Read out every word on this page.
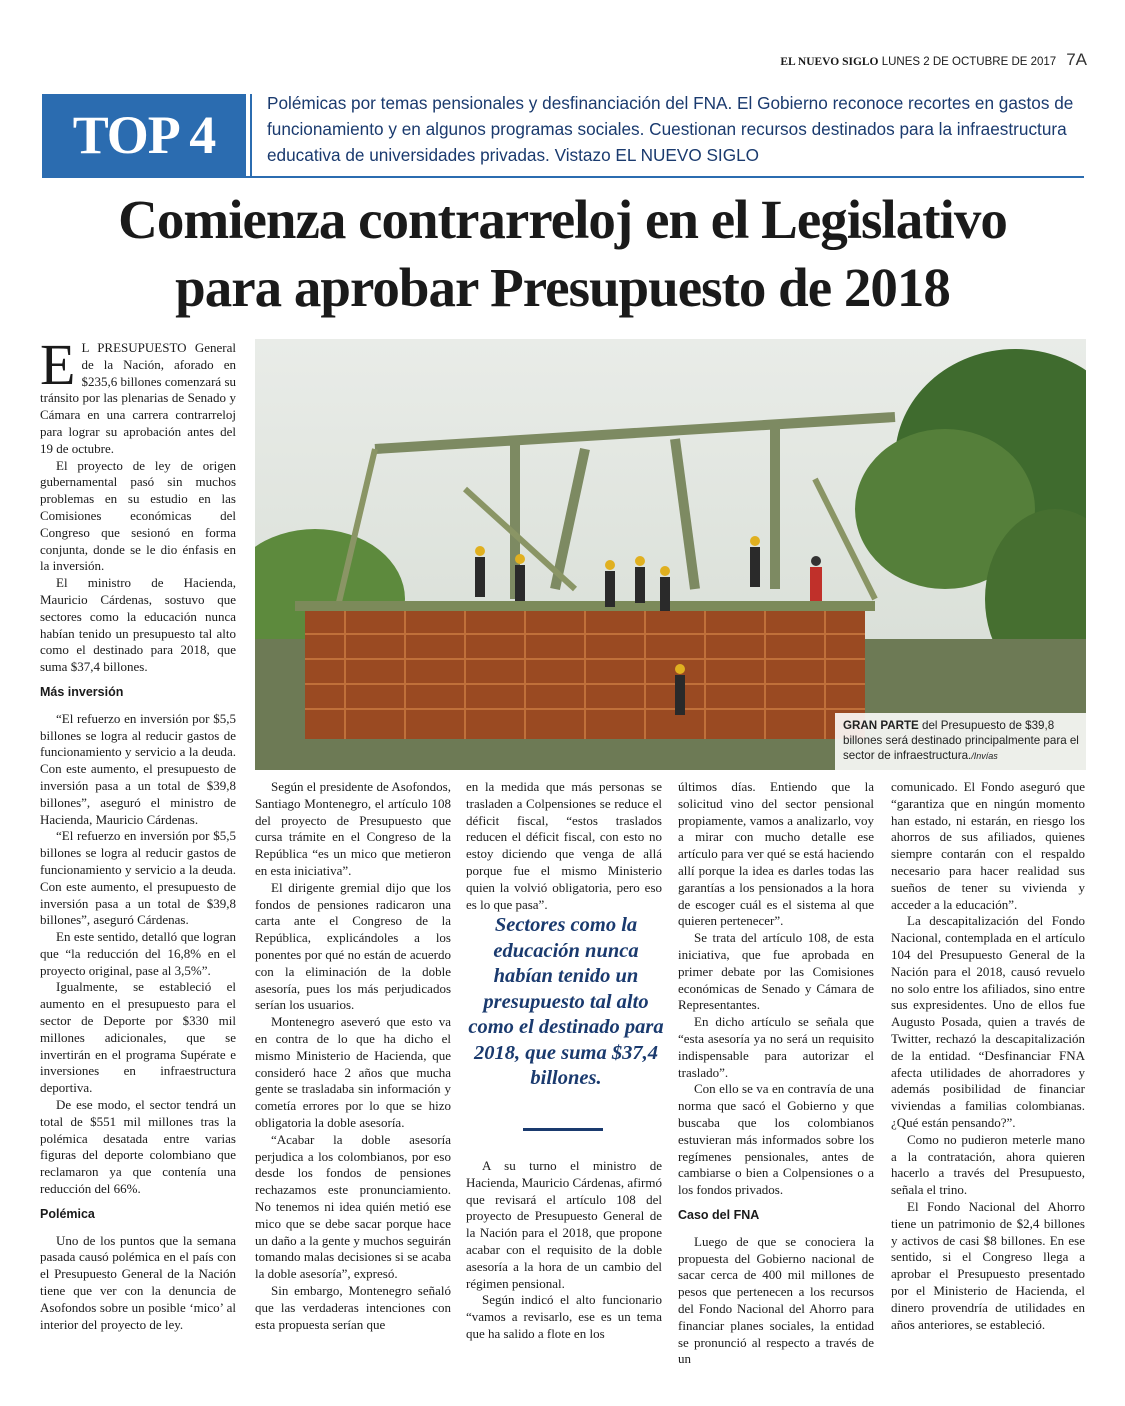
EL NUEVO SIGLO LUNES 2 DE OCTUBRE DE 2017 7A
TOP 4
Polémicas por temas pensionales y desfinanciación del FNA. El Gobierno reconoce recortes en gastos de funcionamiento y en algunos programas sociales. Cuestionan recursos destinados para la infraestructura educativa de universidades privadas. Vistazo EL NUEVO SIGLO
Comienza contrarreloj en el Legislativo
para aprobar Presupuesto de 2018

E L PRESUPUESTO General de la Nación, aforado en $235,6 billones comenzará su tránsito por las plenarias de Senado y Cámara en una carrera contrarreloj para lograr su aprobación antes del 19 de octubre.

El proyecto de ley de origen gubernamental pasó sin muchos problemas en su estudio en las Comisiones económicas del Congreso que sesionó en forma conjunta, donde se le dio énfasis en la inversión.

El ministro de Hacienda, Mauricio Cárdenas, sostuvo que sectores como la educación nunca habían tenido un presupuesto tal alto como el destinado para 2018, que suma $37,4 billones.

Más inversión

“El refuerzo en inversión por $5,5 billones se logra al reducir gastos de funcionamiento y servicio a la deuda. Con este aumento, el presupuesto de inversión pasa a un total de $39,8 billones”, aseguró el ministro de Hacienda, Mauricio Cárdenas.

“El refuerzo en inversión por $5,5 billones se logra al reducir gastos de funcionamiento y servicio a la deuda. Con este aumento, el presupuesto de inversión pasa a un total de $39,8 billones”, aseguró Cárdenas.

En este sentido, detalló que logran que “la reducción del 16,8% en el proyecto original, pase al 3,5%”.

Igualmente, se estableció el aumento en el presupuesto para el sector de Deporte por $330 mil millones adicionales, que se invertirán en el programa Supérate e inversiones en infraestructura deportiva.

De ese modo, el sector tendrá un total de $551 mil millones tras la polémica desatada entre varias figuras del deporte colombiano que reclamaron ya que contenía una reducción del 66%.

Polémica

Uno de los puntos que la semana pasada causó polémica en el país con el Presupuesto General de la Nación tiene que ver con la denuncia de Asofondos sobre un posible ‘mico’ al interior del proyecto de ley.

GRAN PARTE del Presupuesto de $39,8 billones será destinado principalmente para el sector de infraestructura./Invías

Según el presidente de Asofondos, Santiago Montenegro, el artículo 108 del proyecto de Presupuesto que cursa trámite en el Congreso de la República “es un mico que metieron en esta iniciativa”.

El dirigente gremial dijo que los fondos de pensiones radicaron una carta ante el Congreso de la República, explicándoles a los ponentes por qué no están de acuerdo con la eliminación de la doble asesoría, pues los más perjudicados serían los usuarios.

Montenegro aseveró que esto va en contra de lo que ha dicho el mismo Ministerio de Hacienda, que consideró hace 2 años que mucha gente se trasladaba sin información y cometía errores por lo que se hizo obligatoria la doble asesoría.

“Acabar la doble asesoría perjudica a los colombianos, por eso desde los fondos de pensiones rechazamos este pronunciamiento. No tenemos ni idea quién metió ese mico que se debe sacar porque hace un daño a la gente y muchos seguirán tomando malas decisiones si se acaba la doble asesoría”, expresó.

Sin embargo, Montenegro señaló que las verdaderas intenciones con esta propuesta serían que

en la medida que más personas se trasladen a Colpensiones se reduce el déficit fiscal, “estos traslados reducen el déficit fiscal, con esto no estoy diciendo que venga de allá porque fue el mismo Ministerio quien la volvió obligatoria, pero eso es lo que pasa”.

Sectores como la educación nunca habían tenido un presupuesto tal alto como el destinado para 2018, que suma $37,4 billones.

A su turno el ministro de Hacienda, Mauricio Cárdenas, afirmó que revisará el artículo 108 del proyecto de Presupuesto General de la Nación para el 2018, que propone acabar con el requisito de la doble asesoría a la hora de un cambio del régimen pensional.

Según indicó el alto funcionario “vamos a revisarlo, ese es un tema que ha salido a flote en los

últimos días. Entiendo que la solicitud vino del sector pensional propiamente, vamos a analizarlo, voy a mirar con mucho detalle ese artículo para ver qué se está haciendo allí porque la idea es darles todas las garantías a los pensionados a la hora de escoger cuál es el sistema al que quieren pertenecer”.

Se trata del artículo 108, de esta iniciativa, que fue aprobada en primer debate por las Comisiones económicas de Senado y Cámara de Representantes.

En dicho artículo se señala que “esta asesoría ya no será un requisito indispensable para autorizar el traslado”.

Con ello se va en contravía de una norma que sacó el Gobierno y que buscaba que los colombianos estuvieran más informados sobre los regímenes pensionales, antes de cambiarse o bien a Colpensiones o a los fondos privados.

Caso del FNA

Luego de que se conociera la propuesta del Gobierno nacional de sacar cerca de 400 mil millones de pesos que pertenecen a los recursos del Fondo Nacional del Ahorro para financiar planes sociales, la entidad se pronunció al respecto a través de un

comunicado. El Fondo aseguró que “garantiza que en ningún momento han estado, ni estarán, en riesgo los ahorros de sus afiliados, quienes siempre contarán con el respaldo necesario para hacer realidad sus sueños de tener su vivienda y acceder a la educación”.

La descapitalización del Fondo Nacional, contemplada en el artículo 104 del Presupuesto General de la Nación para el 2018, causó revuelo no solo entre los afiliados, sino entre sus expresidentes. Uno de ellos fue Augusto Posada, quien a través de Twitter, rechazó la descapitalización de la entidad. “Desfinanciar FNA afecta utilidades de ahorradores y además posibilidad de financiar viviendas a familias colombianas. ¿Qué están pensando?”.

Como no pudieron meterle mano a la contratación, ahora quieren hacerlo a través del Presupuesto, señala el trino.

El Fondo Nacional del Ahorro tiene un patrimonio de $2,4 billones y activos de casi $8 billones. En ese sentido, si el Congreso llega a aprobar el Presupuesto presentado por el Ministerio de Hacienda, el dinero provendría de utilidades en años anteriores, se estableció.
